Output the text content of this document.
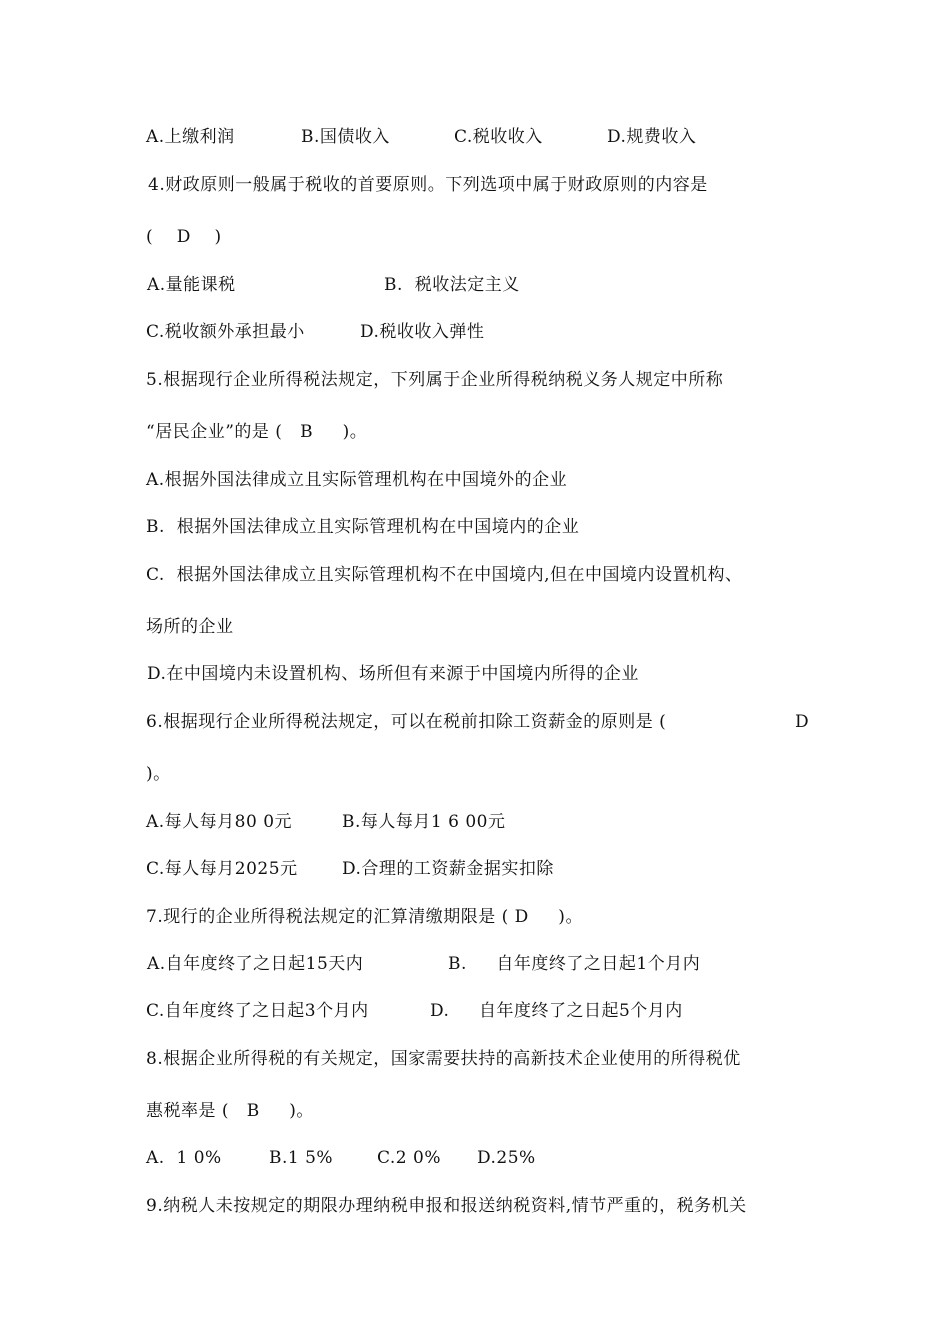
A.上缴利润	B.国债收入	C.税收收入	D.规费收入
4.财政原则一般属于税收的首要原则。下列选项中属于财政原则的内容是
(    D    )
A.量能课税	B.  税收法定主义
C.税收额外承担最小	D.税收收入弹性
5.根据现行企业所得税法规定，下列属于企业所得税纳税义务人规定中所称
“居民企业”的是 (   B     )。
A.根据外国法律成立且实际管理机构在中国境外的企业
B.  根据外国法律成立且实际管理机构在中国境内的企业
C.  根据外国法律成立且实际管理机构不在中国境内,但在中国境内设置机构、
场所的企业
D.在中国境内未设置机构、场所但有来源于中国境内所得的企业
6.根据现行企业所得税法规定，可以在税前扣除工资薪金的原则是 (	D
)。
A.每人每月80 0元	B.每人每月1 6 00元
C.每人每月2025元	D.合理的工资薪金据实扣除
7.现行的企业所得税法规定的汇算清缴期限是 ( D     )。
A.自年度终了之日起15天内	B.     自年度终了之日起1个月内
C.自年度终了之日起3个月内	D.     自年度终了之日起5个月内
8.根据企业所得税的有关规定，国家需要扶持的高新技术企业使用的所得税优
惠税率是 (   B     )。
A.  1 0%	B.1 5%	C.2 0% D.25%
9.纳税人未按规定的期限办理纳税申报和报送纳税资料,情节严重的，税务机关
